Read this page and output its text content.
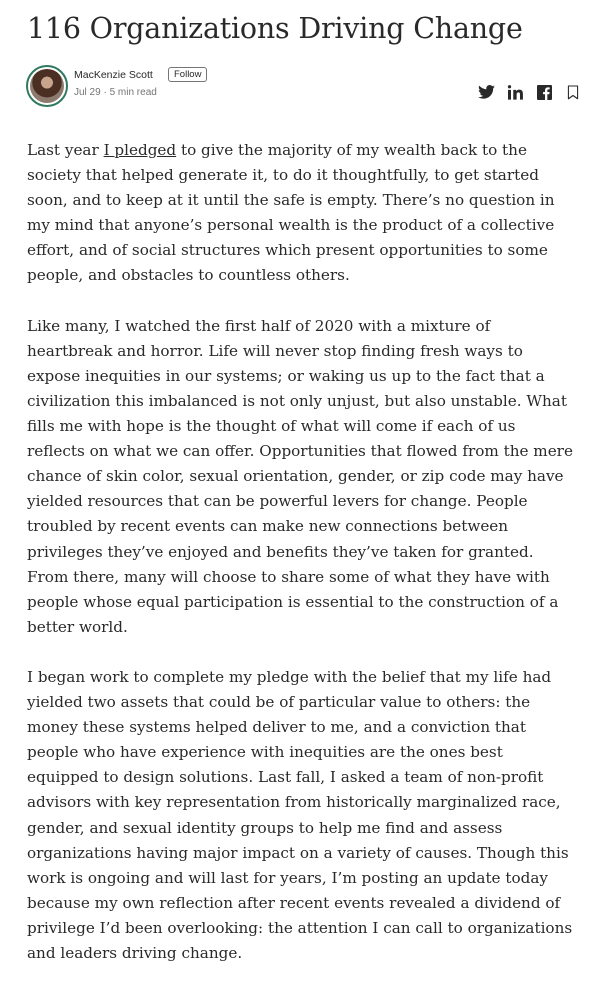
116 Organizations Driving Change
MacKenzie Scott	Follow
Jul 29 · 5 min read

Last year I pledged to give the majority of my wealth back to the society that helped generate it, to do it thoughtfully, to get started soon, and to keep at it until the safe is empty. There’s no question in my mind that anyone’s personal wealth is the product of a collective effort, and of social structures which present opportunities to some people, and obstacles to countless others.

Like many, I watched the first half of 2020 with a mixture of heartbreak and horror. Life will never stop finding fresh ways to expose inequities in our systems; or waking us up to the fact that a civilization this imbalanced is not only unjust, but also unstable. What fills me with hope is the thought of what will come if each of us reflects on what we can offer. Opportunities that flowed from the mere chance of skin color, sexual orientation, gender, or zip code may have yielded resources that can be powerful levers for change. People troubled by recent events can make new connections between privileges they’ve enjoyed and benefits they’ve taken for granted. From there, many will choose to share some of what they have with people whose equal participation is essential to the construction of a better world.

I began work to complete my pledge with the belief that my life had yielded two assets that could be of particular value to others: the money these systems helped deliver to me, and a conviction that people who have experience with inequities are the ones best equipped to design solutions. Last fall, I asked a team of non-profit advisors with key representation from historically marginalized race, gender, and sexual identity groups to help me find and assess organizations having major impact on a variety of causes. Though this work is ongoing and will last for years, I’m posting an update today because my own reflection after recent events revealed a dividend of privilege I’d been overlooking: the attention I can call to organizations and leaders driving change.
